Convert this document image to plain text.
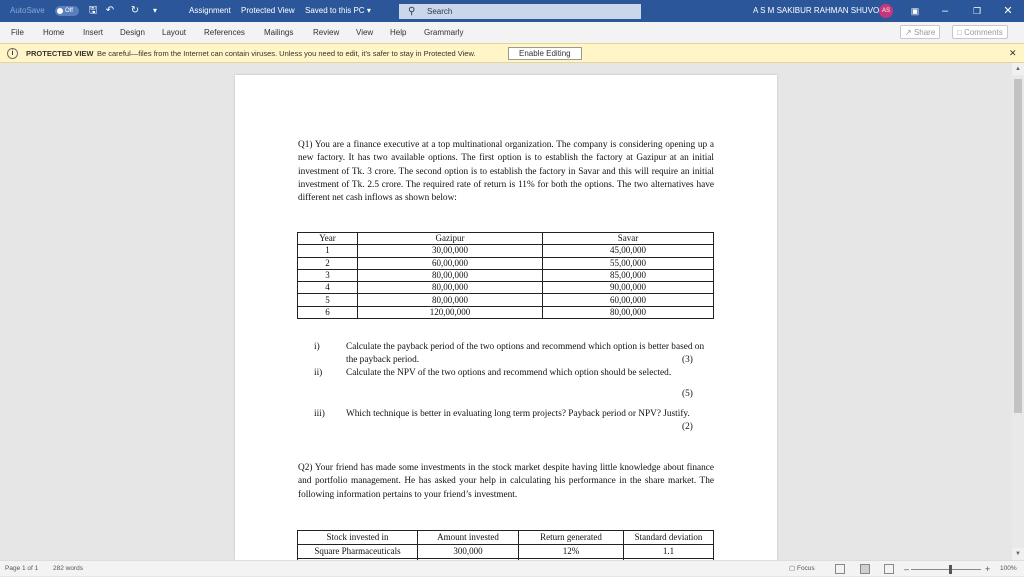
AutoSave	Off 🖫 ↶ ↻	▾	Assignment Protected View Saved to this PC ▾	⚲ Search	A S M SAKIBUR RAHMAN SHUVO AS	▣	–	❐	✕
File Home Insert Design Layout References Mailings Review View Help Grammarly	↗ Share	□ Comments
i	PROTECTED VIEW Be careful—files from the Internet can contain viruses. Unless you need to edit, it's safer to stay in Protected View.	Enable Editing	✕
▲
▼
Q1) You are a finance executive at a top multinational organization. The company is considering opening up a new factory. It has two available options. The first option is to establish the factory at Gazipur at an initial investment of Tk. 3 crore. The second option is to establish the factory in Savar and this will require an initial investment of Tk. 2.5 crore. The required rate of return is 11% for both the options. The two alternatives have different net cash inflows as shown below:
Year	Gazipur	Savar
1	30,00,000	45,00,000
2	60,00,000	55,00,000
3	80,00,000	85,00,000
4	80,00,000	90,00,000
5	80,00,000	60,00,000
6	120,00,000	80,00,000
i)	Calculate the payback period of the two options and recommend which option is better based on the payback period.	(3)
ii)	Calculate the NPV of the two options and recommend which option should be selected.
(5)
iii) Which technique is better in evaluating long term projects? Payback period or NPV? Justify.
(2)
Q2) Your friend has made some investments in the stock market despite having little knowledge about finance and portfolio management. He has asked your help in calculating his performance in the share market. The following information pertains to your friend’s investment.
Stock invested in	Amount invested	Return generated	Standard deviation
Square Pharmaceuticals	300,000	12%	1.1

Page 1 of 1 282 words	▢ Focus	–	+ 100%
